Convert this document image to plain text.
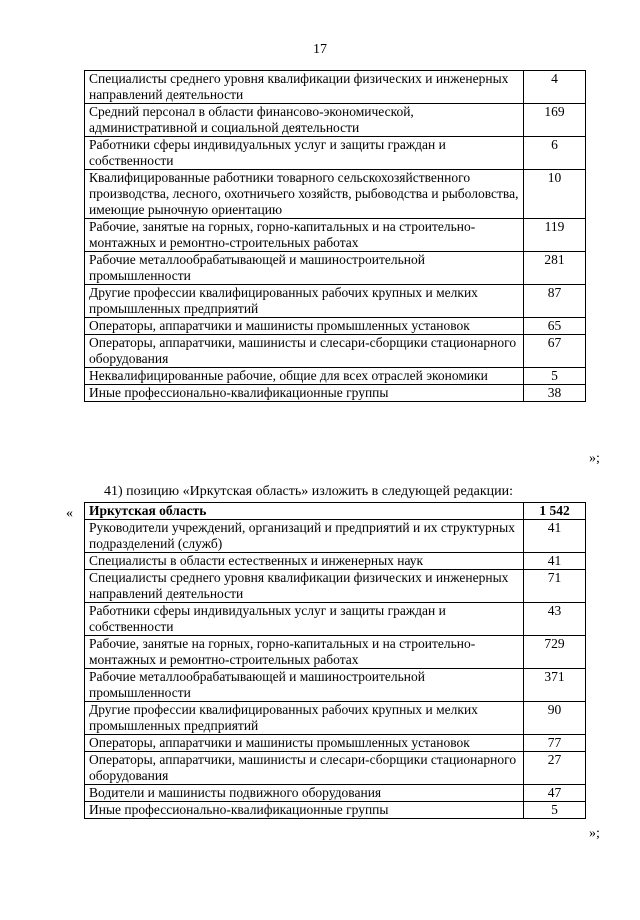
17
Специалисты среднего уровня квалификации физических и инженерных направлений деятельности	4
Средний персонал в области финансово-экономической, административной и социальной деятельности	169
Работники сферы индивидуальных услуг и защиты граждан и собственности	6
Квалифицированные работники товарного сельскохозяйственного производства, лесного, охотничьего хозяйств, рыбоводства и рыболовства, имеющие рыночную ориентацию	10
Рабочие, занятые на горных, горно-капитальных и на строительно-монтажных и ремонтно-строительных работах	119
Рабочие металлообрабатывающей и машиностроительной промышленности	281
Другие профессии квалифицированных рабочих крупных и мелких промышленных предприятий	87
Операторы, аппаратчики и машинисты промышленных установок	65
Операторы, аппаратчики, машинисты и слесари-сборщики стационарного оборудования	67
Неквалифицированные рабочие, общие для всех отраслей экономики	5
Иные профессионально-квалификационные группы	38
»;
41) позицию «Иркутская область» изложить в следующей редакции:
« Иркутская область	1 542
Руководители учреждений, организаций и предприятий и их структурных подразделений (служб)	41
Специалисты в области естественных и инженерных наук	41
Специалисты среднего уровня квалификации физических и инженерных направлений деятельности	71
Работники сферы индивидуальных услуг и защиты граждан и собственности	43
Рабочие, занятые на горных, горно-капитальных и на строительно-монтажных и ремонтно-строительных работах	729
Рабочие металлообрабатывающей и машиностроительной промышленности	371
Другие профессии квалифицированных рабочих крупных и мелких промышленных предприятий	90
Операторы, аппаратчики и машинисты промышленных установок	77
Операторы, аппаратчики, машинисты и слесари-сборщики стационарного оборудования	27
Водители и машинисты подвижного оборудования	47
Иные профессионально-квалификационные группы	5
»;
